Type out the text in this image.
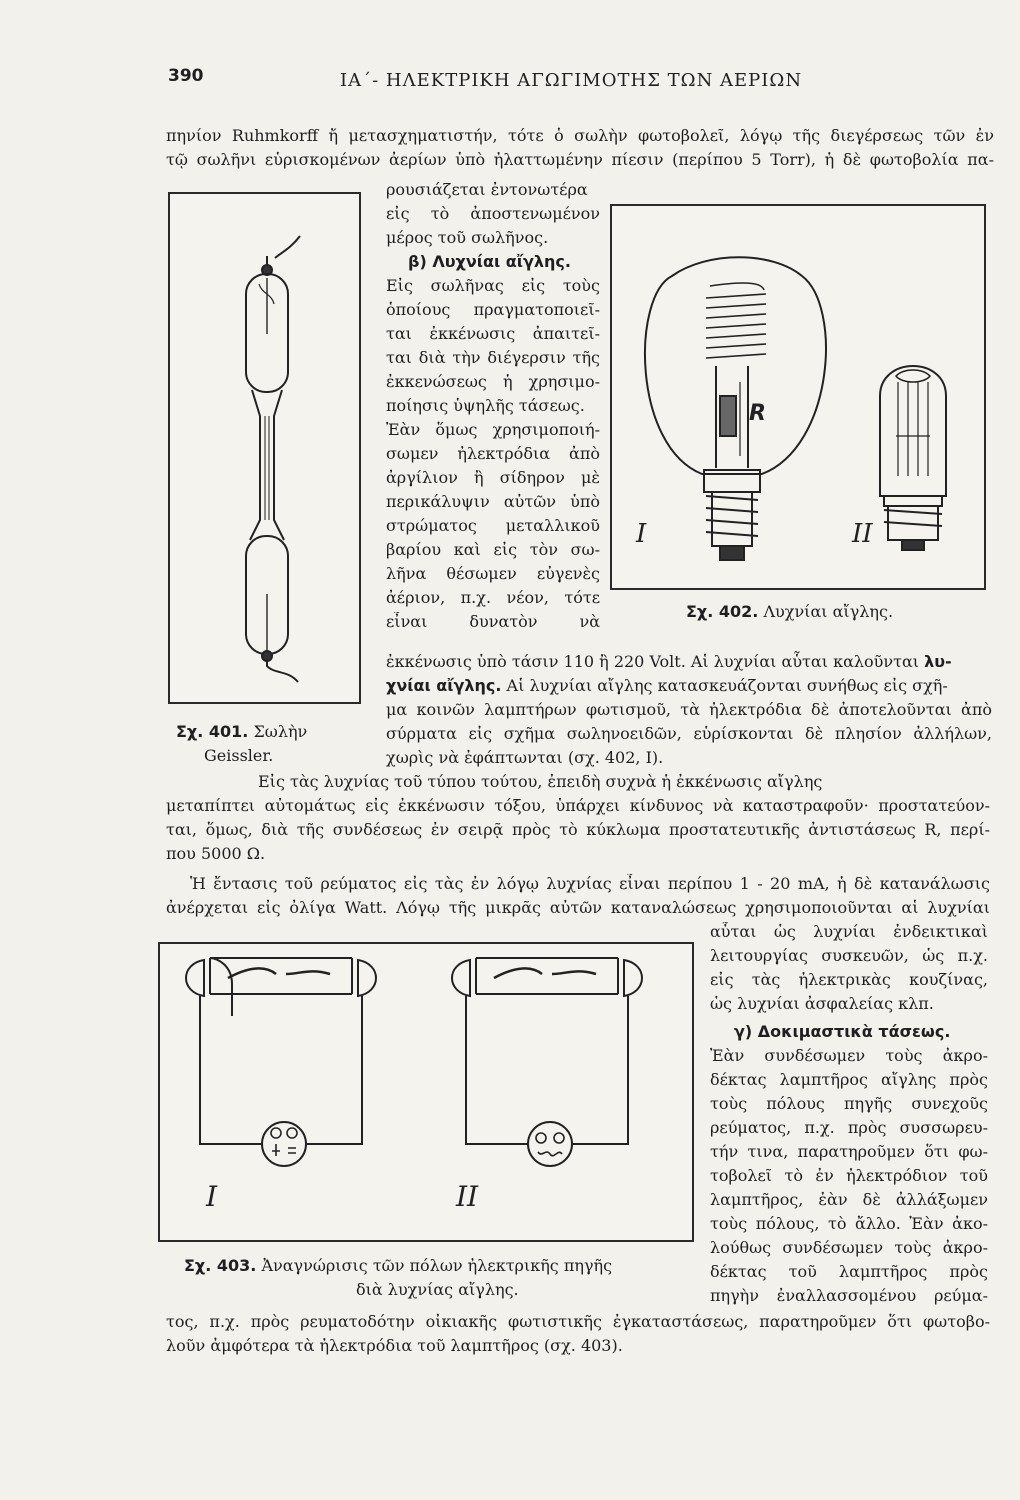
390	ΙΑ΄- ΗΛΕΚΤΡΙΚΗ ΑΓΩΓΙΜΟΤΗΣ ΤΩΝ ΑΕΡΙΩΝ
πηνίον Ruhmkorff ἤ μετασχηματιστήν, τότε ὁ σωλὴν φωτοβολεῖ, λόγῳ τῆς διεγέρσεως τῶν ἐν
τῷ σωλῆνι εὑρισκομένων ἀερίων ὑπὸ ἠλαττωμένην πίεσιν (περίπου 5 Torr), ἡ δὲ φωτοβολία πα-
ρουσιάζεται ἐντονωτέρα
εἰς τὸ ἀποστενωμένον
μέρος τοῦ σωλῆνος.
β) Λυχνίαι αἴγλης.
Εἰς σωλῆνας εἰς τοὺς
ὁποίους πραγματοποιεῖ-
ται ἐκκένωσις ἀπαιτεῖ-
ται διὰ τὴν διέγερσιν τῆς
ἐκκενώσεως ἡ χρησιμο-
ποίησις ὑψηλῆς τάσεως.
Ἐὰν ὅμως χρησιμοποιή-
σωμεν ἠλεκτρόδια ἀπὸ
ἀργίλιον ἢ σίδηρον μὲ
περικάλυψιν αὐτῶν ὑπὸ
στρώματος μεταλλικοῦ
βαρίου καὶ εἰς τὸν σω-
λῆνα θέσωμεν εὐγενὲς
ἀέριον, π.χ. νέον, τότε
εἶναι δυνατὸν νὰ
ἐκκένωσις ὑπὸ τάσιν 110 ἢ 220 Volt. Αἱ λυχνίαι αὗται καλοῦνται λυ-
χνίαι αἴγλης. Αἱ λυχνίαι αἴγλης κατασκευάζονται συνήθως εἰς σχῆ-
μα κοινῶν λαμπτήρων φωτισμοῦ, τὰ ἠλεκτρόδια δὲ ἀποτελοῦνται ἀπὸ
σύρματα εἰς σχῆμα σωληνοειδῶν, εὑρίσκονται δὲ πλησίον ἀλλήλων,
χωρὶς νὰ ἐφάπτωνται (σχ. 402, I).
Σχ. 401. Σωλὴν
Geissler.
R
I	II
Σχ. 402. Λυχνίαι αἴγλης.
Εἰς τὰς λυχνίας τοῦ τύπου τούτου, ἐπειδὴ συχνὰ ἡ ἐκκένωσις αἴγλης
μεταπίπτει αὐτομάτως εἰς ἐκκένωσιν τόξου, ὑπάρχει κίνδυνος νὰ καταστραφοῦν· προστατεύον-
ται, ὅμως, διὰ τῆς συνδέσεως ἐν σειρᾷ πρὸς τὸ κύκλωμα προστατευτικῆς ἀντιστάσεως R, περί-
που 5000 Ω.
Ἡ ἔντασις τοῦ ρεύματος εἰς τὰς ἐν λόγῳ λυχνίας εἶναι περίπου 1 - 20 mA, ἡ δὲ κατανάλωσις
ἀνέρχεται εἰς ὀλίγα Watt. Λόγῳ τῆς μικρᾶς αὐτῶν καταναλώσεως χρησιμοποιοῦνται αἱ λυχνίαι
αὗται ὡς λυχνίαι ἐνδεικτικαὶ
λειτουργίας συσκευῶν, ὡς π.χ.
εἰς τὰς ἠλεκτρικὰς κουζίνας,
ὡς λυχνίαι ἀσφαλείας κλπ.
γ) Δοκιμαστικὰ τάσεως.
Ἐὰν συνδέσωμεν τοὺς ἀκρο-
δέκτας λαμπτῆρος αἴγλης πρὸς
τοὺς πόλους πηγῆς συνεχοῦς
ρεύματος, π.χ. πρὸς συσσωρευ-
τήν τινα, παρατηροῦμεν ὅτι φω-
τοβολεῖ τὸ ἐν ἠλεκτρόδιον τοῦ
λαμπτῆρος, ἐὰν δὲ ἀλλάξωμεν
τοὺς πόλους, τὸ ἄλλο. Ἐὰν ἀκο-
λούθως συνδέσωμεν τοὺς ἀκρο-
δέκτας τοῦ λαμπτῆρος πρὸς
πηγὴν ἐναλλασσομένου ρεύμα-
I	II
Σχ. 403. Ἀναγνώρισις τῶν πόλων ἠλεκτρικῆς πηγῆς
διὰ λυχνίας αἴγλης.
τος, π.χ. πρὸς ρευματοδότην οἰκιακῆς φωτιστικῆς ἐγκαταστάσεως, παρατηροῦμεν ὅτι φωτοβο-
λοῦν ἀμφότερα τὰ ἠλεκτρόδια τοῦ λαμπτῆρος (σχ. 403).
